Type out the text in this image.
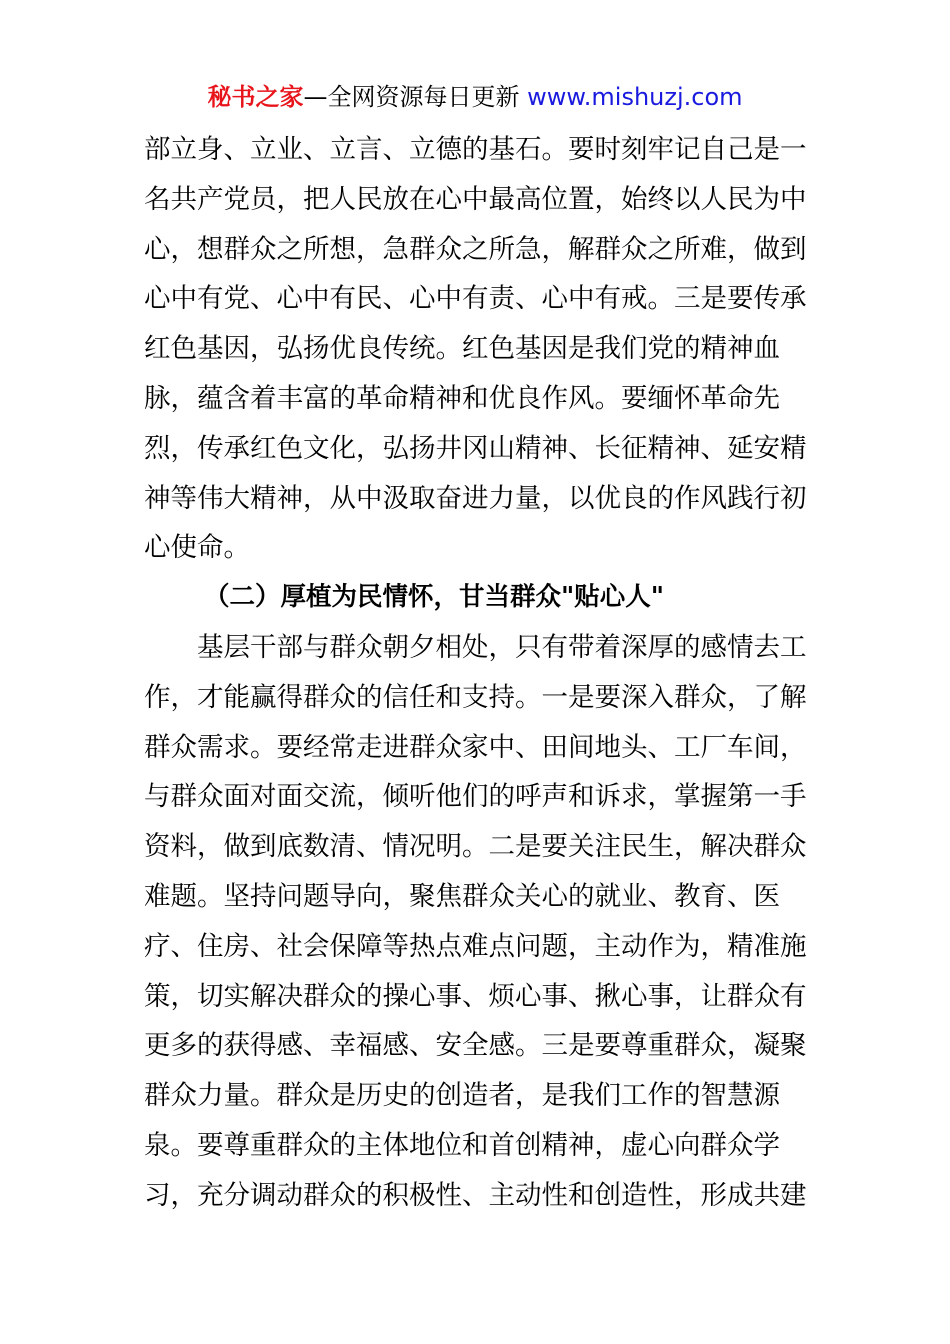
秘书之家—全网资源每日更新 www.mishuzj.com
部立身、立业、立言、立德的基石。要时刻牢记自己是一
名共产党员，把人民放在心中最高位置，始终以人民为中
心，想群众之所想，急群众之所急，解群众之所难，做到
心中有党、心中有民、心中有责、心中有戒。三是要传承
红色基因，弘扬优良传统。红色基因是我们党的精神血
脉，蕴含着丰富的革命精神和优良作风。要缅怀革命先
烈，传承红色文化，弘扬井冈山精神、长征精神、延安精
神等伟大精神，从中汲取奋进力量，以优良的作风践行初
心使命。
（二）厚植为民情怀，甘当群众"贴心人"
基层干部与群众朝夕相处，只有带着深厚的感情去工
作，才能赢得群众的信任和支持。一是要深入群众，了解
群众需求。要经常走进群众家中、田间地头、工厂车间，
与群众面对面交流，倾听他们的呼声和诉求，掌握第一手
资料，做到底数清、情况明。二是要关注民生，解决群众
难题。坚持问题导向，聚焦群众关心的就业、教育、医
疗、住房、社会保障等热点难点问题，主动作为，精准施
策，切实解决群众的操心事、烦心事、揪心事，让群众有
更多的获得感、幸福感、安全感。三是要尊重群众，凝聚
群众力量。群众是历史的创造者，是我们工作的智慧源
泉。要尊重群众的主体地位和首创精神，虚心向群众学
习，充分调动群众的积极性、主动性和创造性，形成共建
